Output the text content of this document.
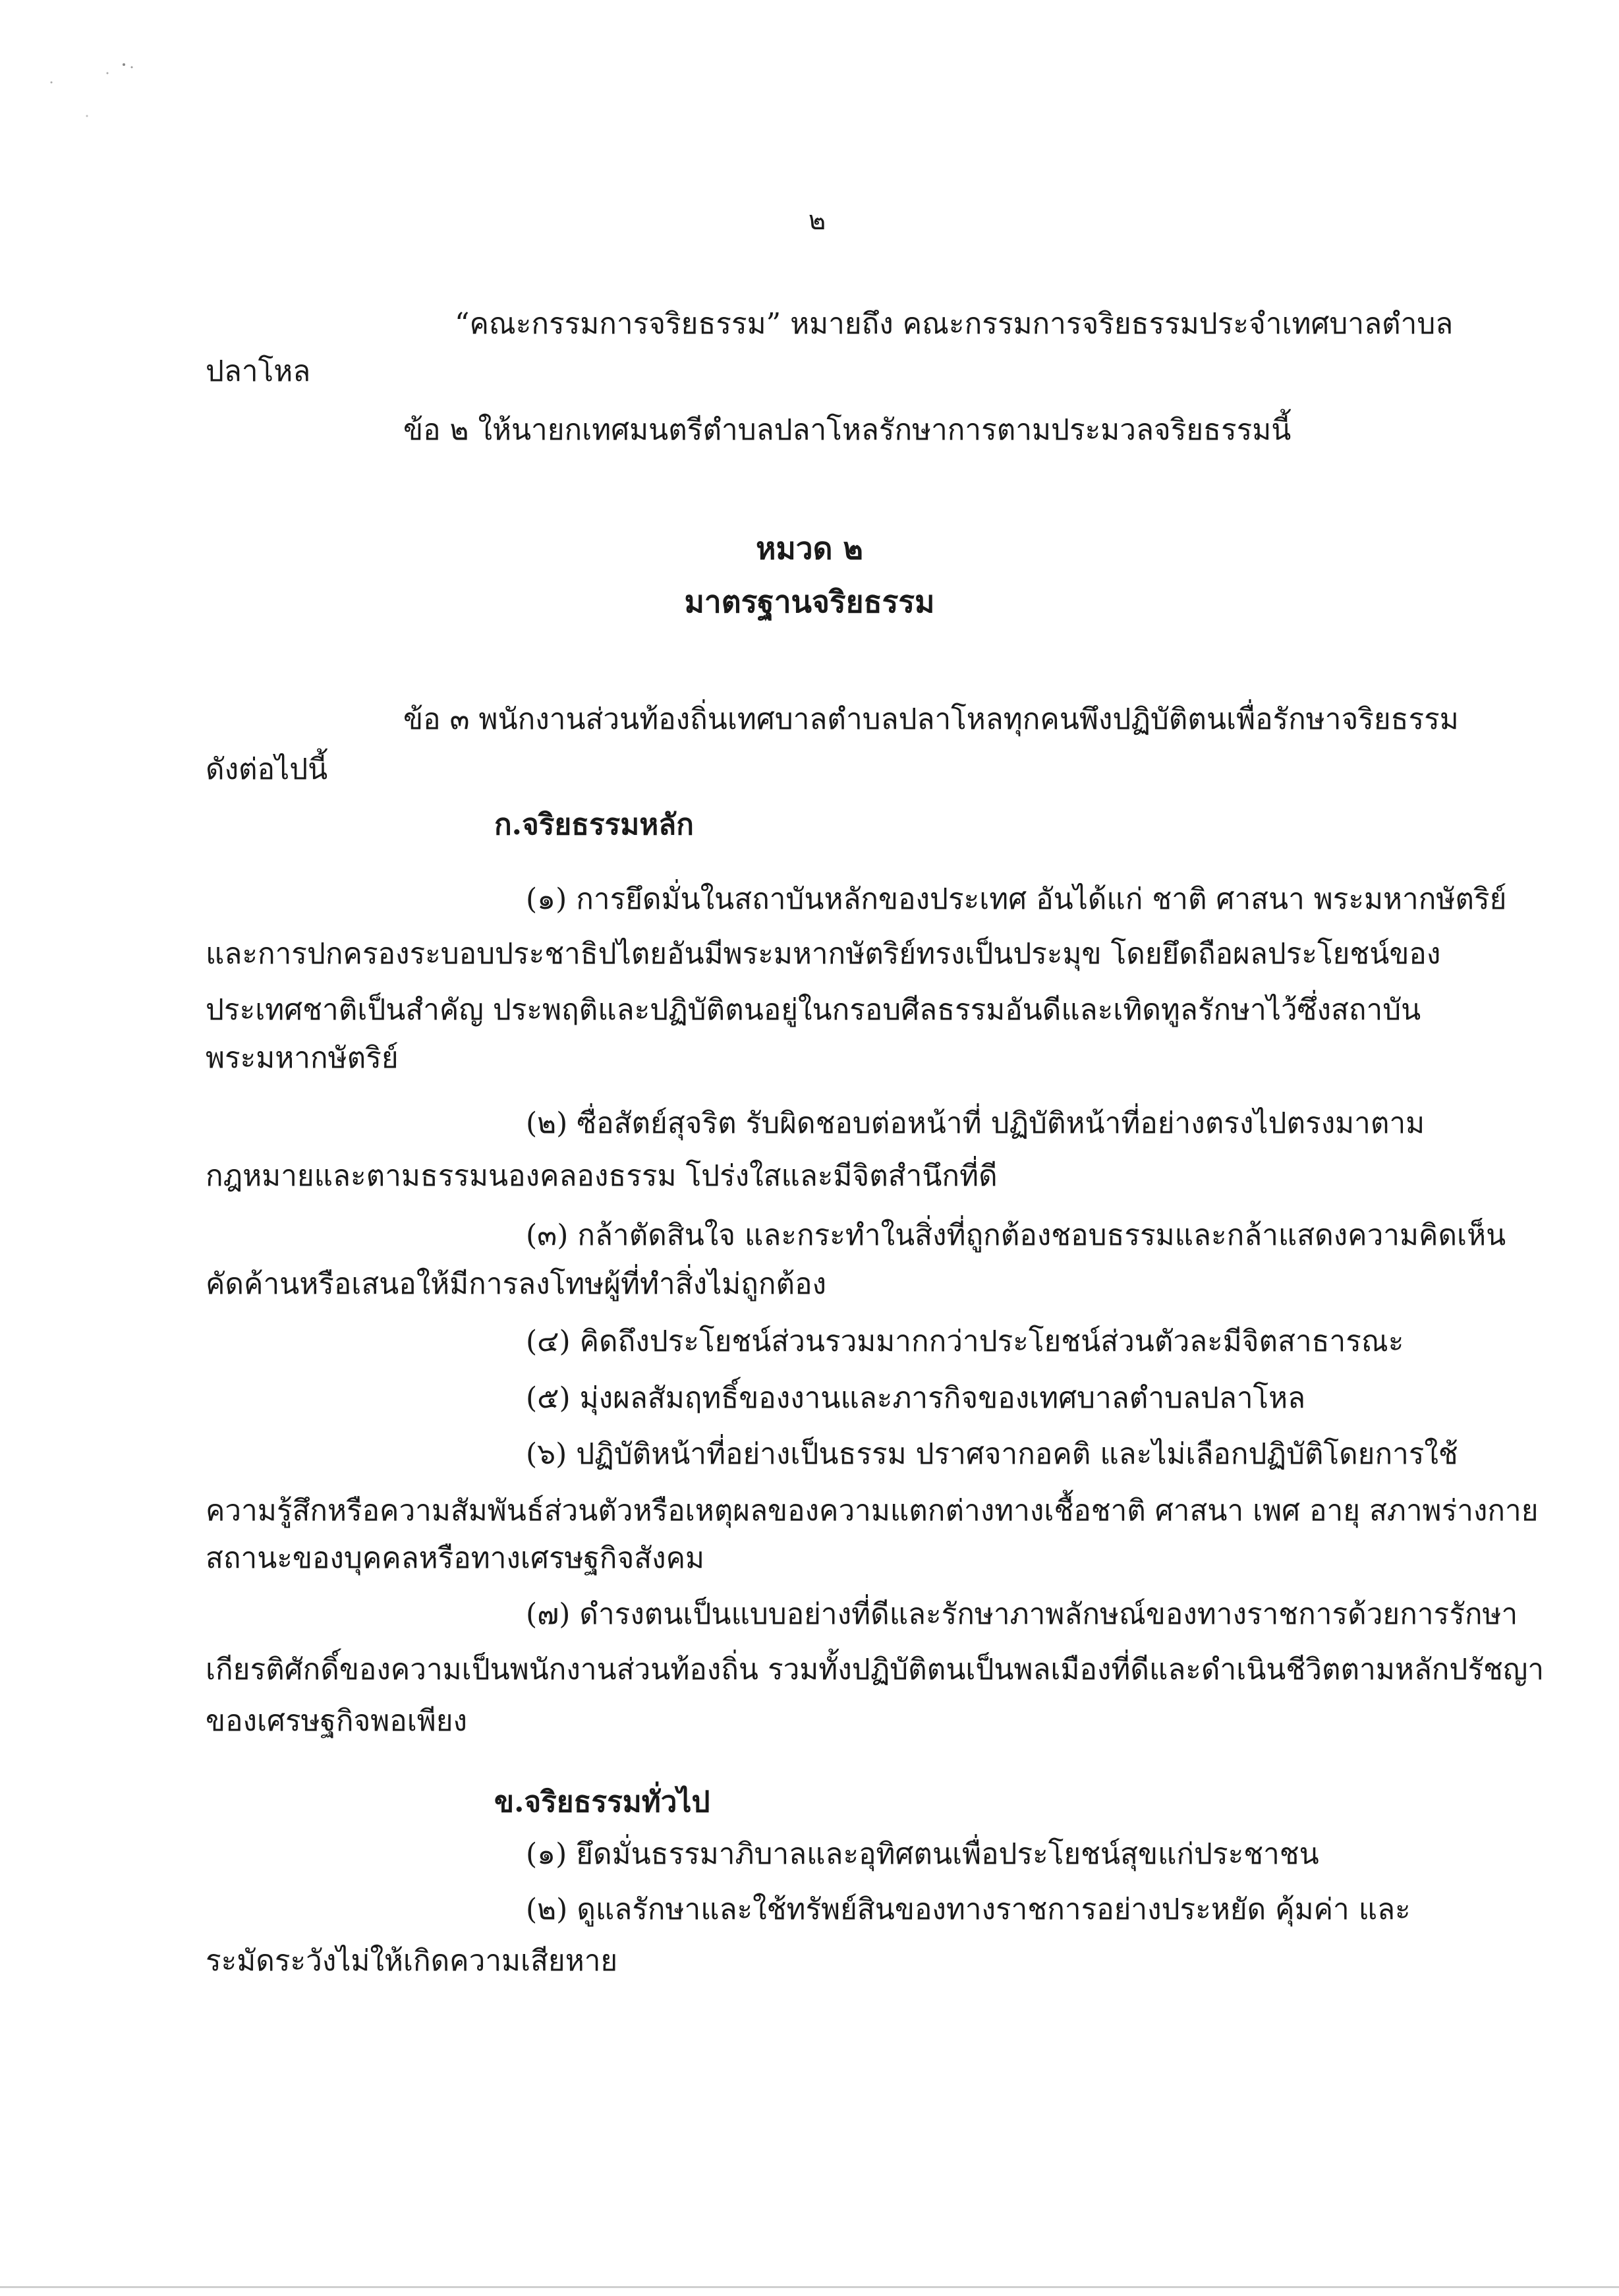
๒

“คณะกรรมการจริยธรรม” หมายถึง คณะกรรมการจริยธรรมประจำเทศบาลตำบล

ปลาโหล

ข้อ ๒ ให้นายกเทศมนตรีตำบลปลาโหลรักษาการตามประมวลจริยธรรมนี้

หมวด ๒
มาตรฐานจริยธรรม

ข้อ ๓ พนักงานส่วนท้องถิ่นเทศบาลตำบลปลาโหลทุกคนพึงปฏิบัติตนเพื่อรักษาจริยธรรม

ดังต่อไปนี้

ก.จริยธรรมหลัก

(๑) การยึดมั่นในสถาบันหลักของประเทศ อันได้แก่ ชาติ ศาสนา พระมหากษัตริย์

และการปกครองระบอบประชาธิปไตยอันมีพระมหากษัตริย์ทรงเป็นประมุข โดยยึดถือผลประโยชน์ของ

ประเทศชาติเป็นสำคัญ ประพฤติและปฏิบัติตนอยู่ในกรอบศีลธรรมอันดีและเทิดทูลรักษาไว้ซึ่งสถาบัน

พระมหากษัตริย์

(๒) ซื่อสัตย์สุจริต รับผิดชอบต่อหน้าที่ ปฏิบัติหน้าที่อย่างตรงไปตรงมาตาม

กฎหมายและตามธรรมนองคลองธรรม โปร่งใสและมีจิตสำนึกที่ดี

(๓) กล้าตัดสินใจ และกระทำในสิ่งที่ถูกต้องชอบธรรมและกล้าแสดงความคิดเห็น

คัดค้านหรือเสนอให้มีการลงโทษผู้ที่ทำสิ่งไม่ถูกต้อง

(๔) คิดถึงประโยชน์ส่วนรวมมากกว่าประโยชน์ส่วนตัวละมีจิตสาธารณะ

(๕) มุ่งผลสัมฤทธิ์ของงานและภารกิจของเทศบาลตำบลปลาโหล

(๖) ปฏิบัติหน้าที่อย่างเป็นธรรม ปราศจากอคติ และไม่เลือกปฏิบัติโดยการใช้

ความรู้สึกหรือความสัมพันธ์ส่วนตัวหรือเหตุผลของความแตกต่างทางเชื้อชาติ ศาสนา เพศ อายุ สภาพร่างกาย

สถานะของบุคคลหรือทางเศรษฐกิจสังคม

(๗) ดำรงตนเป็นแบบอย่างที่ดีและรักษาภาพลักษณ์ของทางราชการด้วยการรักษา

เกียรติศักดิ์ของความเป็นพนักงานส่วนท้องถิ่น รวมทั้งปฏิบัติตนเป็นพลเมืองที่ดีและดำเนินชีวิตตามหลักปรัชญา

ของเศรษฐกิจพอเพียง

ข.จริยธรรมทั่วไป

(๑) ยึดมั่นธรรมาภิบาลและอุทิศตนเพื่อประโยชน์สุขแก่ประชาชน

(๒) ดูแลรักษาและใช้ทรัพย์สินของทางราชการอย่างประหยัด คุ้มค่า และ

ระมัดระวังไม่ให้เกิดความเสียหาย
